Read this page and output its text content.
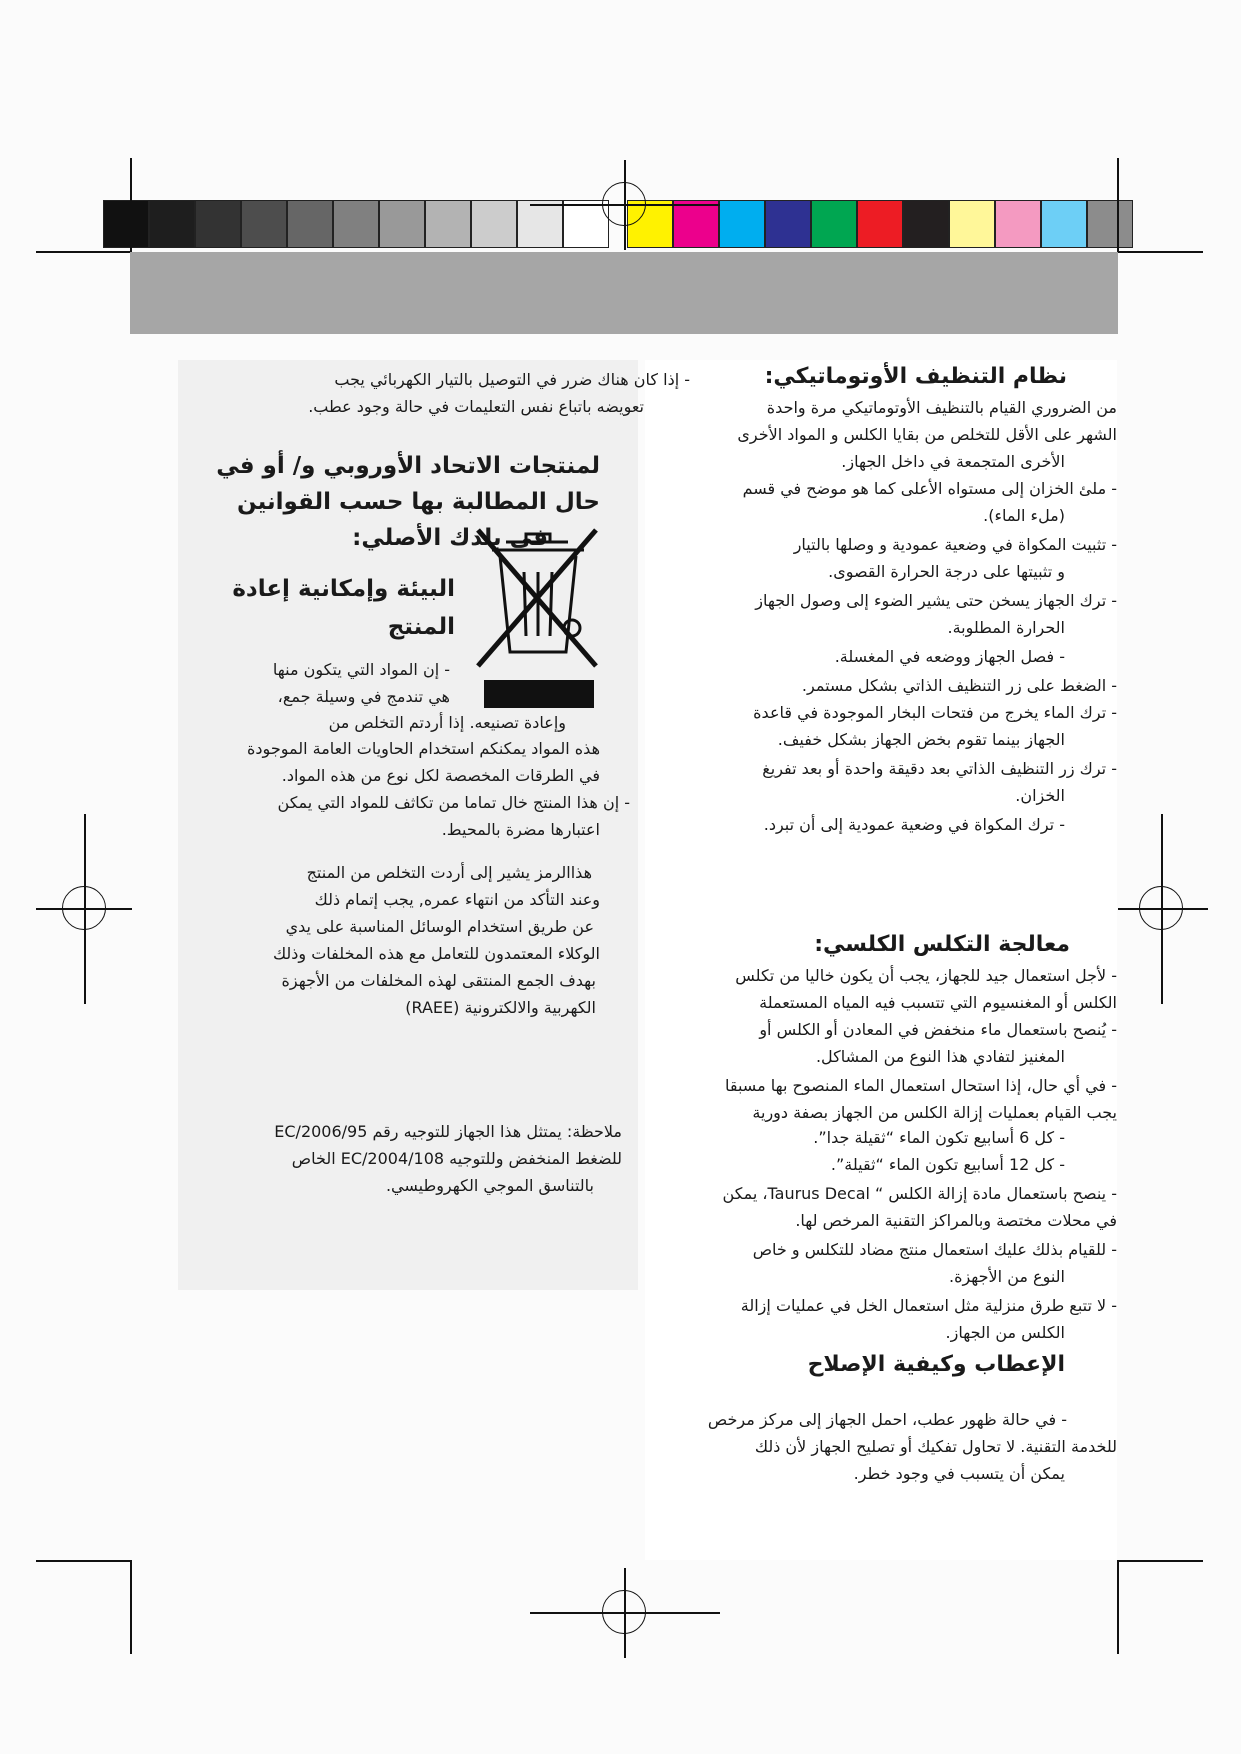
نظام التنظيف الأوتوماتيكي:
من الضروري القيام بالتنظيف الأوتوماتيكي مرة واحدة
الشهر على الأقل للتخلص من بقايا الكلس و المواد الأخرى
الأخرى المتجمعة في داخل الجهاز.
- ملئ الخزان إلى مستواه الأعلى كما هو موضح في قسم
(ملء الماء).
- تثبيت المكواة في وضعية عمودية و وصلها بالتيار
و تثبيتها على درجة الحرارة القصوى.
- ترك الجهاز يسخن حتى يشير الضوء إلى وصول الجهاز
الحرارة المطلوبة.
- فصل الجهاز ووضعه في المغسلة.
- الضغط على زر التنظيف الذاتي بشكل مستمر.
- ترك الماء يخرج من فتحات البخار الموجودة في قاعدة
الجهاز بينما تقوم بخض الجهاز بشكل خفيف.
- ترك زر التنظيف الذاتي بعد دقيقة واحدة أو بعد تفريغ
الخزان.
- ترك المكواة في وضعية عمودية إلى أن تبرد.
معالجة التكلس الكلسي:
- لأجل استعمال جيد للجهاز، يجب أن يكون خاليا من تكلس
الكلس أو المغنسيوم التي تتسبب فيه المياه المستعملة
- يُنصح باستعمال ماء منخفض في المعادن أو الكلس أو
المغنيز لتفادي هذا النوع من المشاكل.
- في أي حال، إذا استحال استعمال الماء المنصوح بها مسبقا
يجب القيام بعمليات إزالة الكلس من الجهاز بصفة دورية
- كل 6 أسابيع تكون الماء “ثقيلة جدا”.
- كل 12 أسابيع تكون الماء “ثقيلة”.
- ينصح باستعمال مادة إزالة الكلس “ Taurus Decal، يمكن
في محلات مختصة وبالمراكز التقنية المرخص لها.
- للقيام بذلك عليك استعمال منتج مضاد للتكلس و خاص
النوع من الأجهزة.
- لا تتبع طرق منزلية مثل استعمال الخل في عمليات إزالة
الكلس من الجهاز.
الإعطاب وكيفية الإصلاح
- في حالة ظهور عطب، احمل الجهاز إلى مركز مرخص
للخدمة التقنية. لا تحاول تفكيك أو تصليح الجهاز لأن ذلك
يمكن أن يتسبب في وجود خطر.
- إذا كان هناك ضرر في التوصيل بالتيار الكهربائي يجب
تعويضه باتباع نفس التعليمات في حالة وجود عطب.
لمنتجات الاتحاد الأوروبي و/ أو في
حال المطالبة بها حسب القوانين
في بلدك الأصلي:
البيئة وإمكانية إعادة
المنتج
- إن المواد التي يتكون منها
هي تندمج في وسيلة جمع،
وإعادة تصنيعه. إذا أردتم التخلص من
هذه المواد يمكنكم استخدام الحاويات العامة الموجودة
في الطرقات المخصصة لكل نوع من هذه المواد.
- إن هذا المنتج خال تماما من تكاثف للمواد التي يمكن
اعتبارها مضرة بالمحيط.
هذاالرمز يشير إلى أردت التخلص من المنتج
وعند التأكد من انتهاء عمره, يجب إتمام ذلك
عن طريق استخدام الوسائل المناسبة على يدي
الوكلاء المعتمدون للتعامل مع هذه المخلفات وذلك
بهدف الجمع المنتقى لهذه المخلفات من الأجهزة
الكهربية والالكترونية (RAEE)
ملاحظة: يمتثل هذا الجهاز للتوجيه رقم 2006/95/EC
للضغط المنخفض وللتوجيه 2004/108/EC الخاص
بالتناسق الموجي الكهروطيسي.
